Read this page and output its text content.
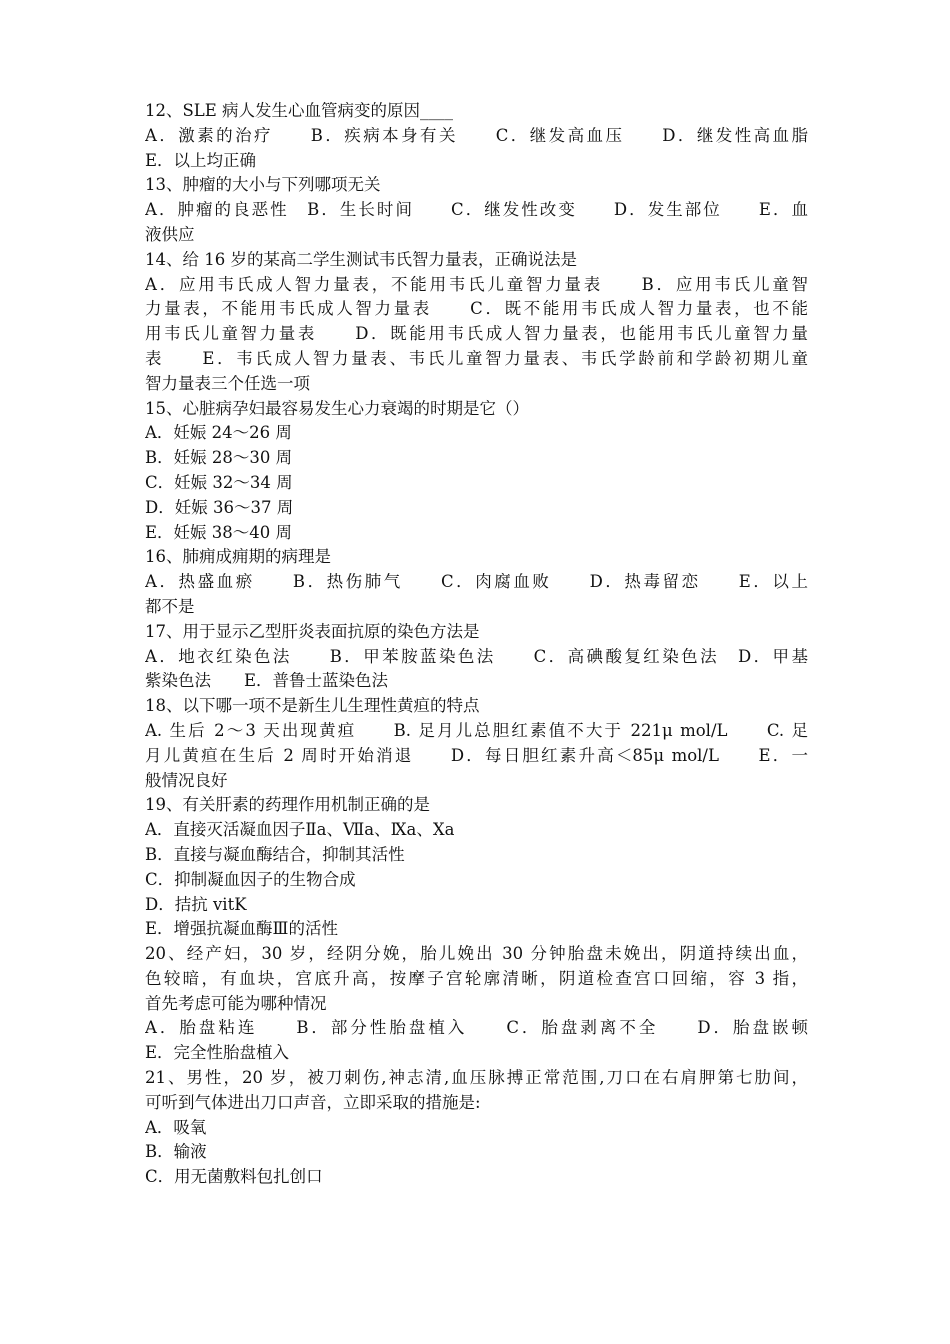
12、SLE 病人发生心血管病变的原因____
A．激素的治疗　　B．疾病本身有关　　C．继发高血压　　D．继发性高血脂
E．以上均正确
13、肿瘤的大小与下列哪项无关
A．肿瘤的良恶性　B．生长时间　　C．继发性改变　　D．发生部位　　E．血
液供应
14、给 16 岁的某高二学生测试韦氏智力量表，正确说法是
A．应用韦氏成人智力量表，不能用韦氏儿童智力量表　　B．应用韦氏儿童智
力量表，不能用韦氏成人智力量表　　C．既不能用韦氏成人智力量表，也不能
用韦氏儿童智力量表　　D．既能用韦氏成人智力量表，也能用韦氏儿童智力量
表　　E．韦氏成人智力量表、韦氏儿童智力量表、韦氏学龄前和学龄初期儿童
智力量表三个任选一项
15、心脏病孕妇最容易发生心力衰竭的时期是它（）
A．妊娠 24～26 周
B．妊娠 28～30 周
C．妊娠 32～34 周
D．妊娠 36～37 周
E．妊娠 38～40 周
16、肺痈成痈期的病理是
A．热盛血瘀　　B．热伤肺气　　C．肉腐血败　　D．热毒留恋　　E．以上
都不是
17、用于显示乙型肝炎表面抗原的染色方法是
A．地衣红染色法　　B．甲苯胺蓝染色法　　C．高碘酸复红染色法　D．甲基
紫染色法　　E．普鲁士蓝染色法
18、以下哪一项不是新生儿生理性黄疸的特点
A. 生后 2～3 天出现黄疸　　B. 足月儿总胆红素值不大于 221μ mol/L　　C. 足
月儿黄疸在生后 2 周时开始消退　　D．每日胆红素升高＜85μ mol/L　　E．一
般情况良好
19、有关肝素的药理作用机制正确的是
A．直接灭活凝血因子Ⅱa、Ⅶa、Ⅸa、Ⅹa
B．直接与凝血酶结合，抑制其活性
C．抑制凝血因子的生物合成
D．拮抗 vitK
E．增强抗凝血酶Ⅲ的活性
20、经产妇，30 岁，经阴分娩，胎儿娩出 30 分钟胎盘未娩出，阴道持续出血，
色较暗，有血块，宫底升高，按摩子宫轮廓清晰，阴道检查宫口回缩，容 3 指，
首先考虑可能为哪种情况
A．胎盘粘连　　B．部分性胎盘植入　　C．胎盘剥离不全　　D．胎盘嵌顿
E．完全性胎盘植入
21、男性，20 岁，被刀刺伤,神志清,血压脉搏正常范围,刀口在右肩胛第七肋间，
可听到气体进出刀口声音，立即采取的措施是:
A．吸氧
B．输液
C．用无菌敷料包扎创口
